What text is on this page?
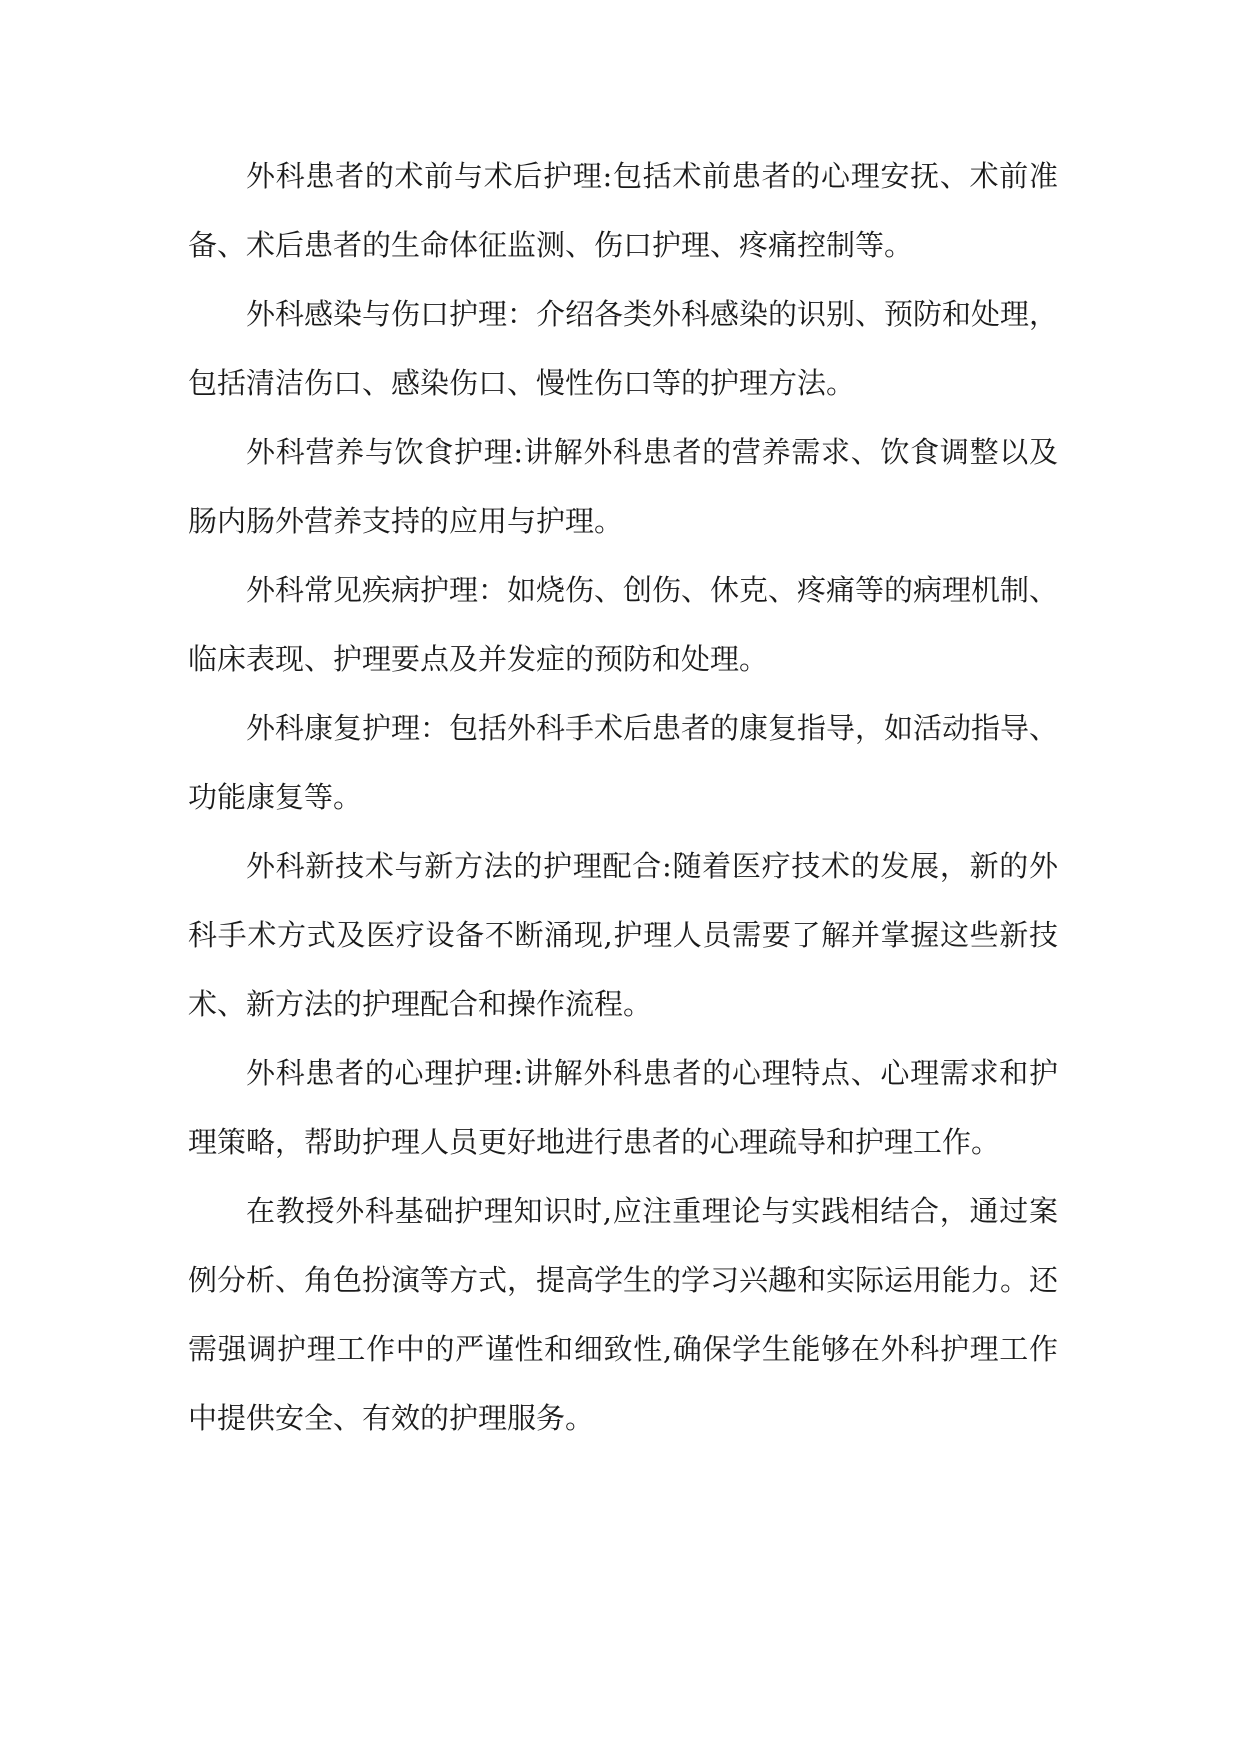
外科患者的术前与术后护理:包括术前患者的心理安抚、术前准备、术后患者的生命体征监测、伤口护理、疼痛控制等。

外科感染与伤口护理：介绍各类外科感染的识别、预防和处理，包括清洁伤口、感染伤口、慢性伤口等的护理方法。

外科营养与饮食护理:讲解外科患者的营养需求、饮食调整以及肠内肠外营养支持的应用与护理。

外科常见疾病护理：如烧伤、创伤、休克、疼痛等的病理机制、临床表现、护理要点及并发症的预防和处理。

外科康复护理：包括外科手术后患者的康复指导，如活动指导、功能康复等。

外科新技术与新方法的护理配合:随着医疗技术的发展，新的外科手术方式及医疗设备不断涌现,护理人员需要了解并掌握这些新技术、新方法的护理配合和操作流程。

外科患者的心理护理:讲解外科患者的心理特点、心理需求和护理策略，帮助护理人员更好地进行患者的心理疏导和护理工作。

在教授外科基础护理知识时,应注重理论与实践相结合，通过案例分析、角色扮演等方式，提高学生的学习兴趣和实际运用能力。还需强调护理工作中的严谨性和细致性,确保学生能够在外科护理工作中提供安全、有效的护理服务。
